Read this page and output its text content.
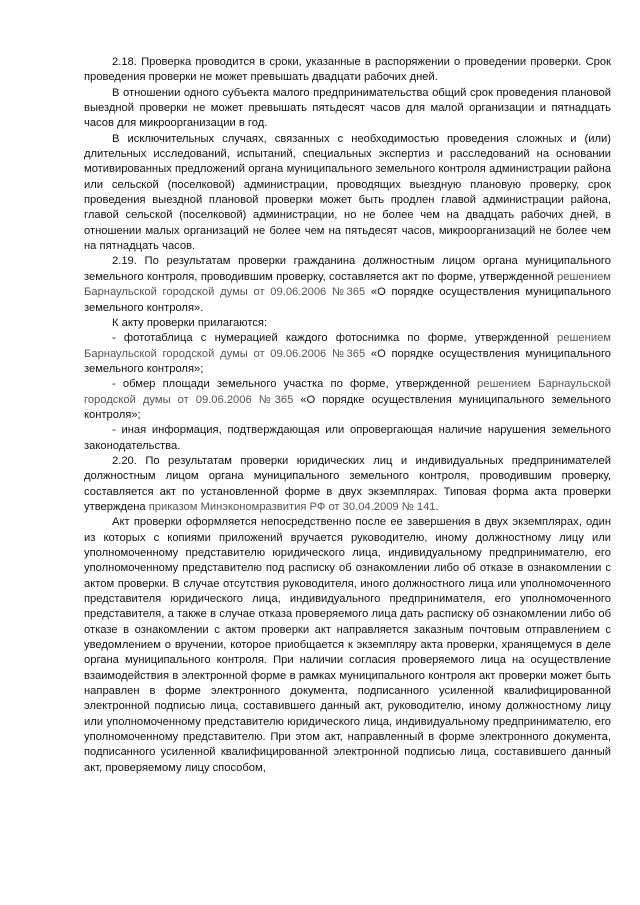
2.18. Проверка проводится в сроки, указанные в распоряжении о проведении проверки. Срок проведения проверки не может превышать двадцати рабочих дней.

В отношении одного субъекта малого предпринимательства общий срок проведения плановой выездной проверки не может превышать пятьдесят часов для малой организации и пятнадцать часов для микроорганизации в год.

В исключительных случаях, связанных с необходимостью проведения сложных и (или) длительных исследований, испытаний, специальных экспертиз и расследований на основании мотивированных предложений органа муниципального земельного контроля администрации района или сельской (поселковой) администрации, проводящих выездную плановую проверку, срок проведения выездной плановой проверки может быть продлен главой администрации района, главой сельской (поселковой) администрации, но не более чем на двадцать рабочих дней, в отношении малых организаций не более чем на пятьдесят часов, микроорганизаций не более чем на пятнадцать часов.

2.19. По результатам проверки гражданина должностным лицом органа муниципального земельного контроля, проводившим проверку, составляется акт по форме, утвержденной решением Барнаульской городской думы от 09.06.2006 №365 «О порядке осуществления муниципального земельного контроля».

К акту проверки прилагаются:

- фототаблица с нумерацией каждого фотоснимка по форме, утвержденной решением Барнаульской городской думы от 09.06.2006 №365 «О порядке осуществления муниципального земельного контроля»;

- обмер площади земельного участка по форме, утвержденной решением Барнаульской городской думы от 09.06.2006 №365 «О порядке осуществления муниципального земельного контроля»;

- иная информация, подтверждающая или опровергающая наличие нарушения земельного законодательства.

2.20. По результатам проверки юридических лиц и индивидуальных предпринимателей должностным лицом органа муниципального земельного контроля, проводившим проверку, составляется акт по установленной форме в двух экземплярах. Типовая форма акта проверки утверждена приказом Минэкономразвития РФ от 30.04.2009 № 141.

Акт проверки оформляется непосредственно после ее завершения в двух экземплярах, один из которых с копиями приложений вручается руководителю, иному должностному лицу или уполномоченному представителю юридического лица, индивидуальному предпринимателю, его уполномоченному представителю под расписку об ознакомлении либо об отказе в ознакомлении с актом проверки. В случае отсутствия руководителя, иного должностного лица или уполномоченного представителя юридического лица, индивидуального предпринимателя, его уполномоченного представителя, а также в случае отказа проверяемого лица дать расписку об ознакомлении либо об отказе в ознакомлении с актом проверки акт направляется заказным почтовым отправлением с уведомлением о вручении, которое приобщается к экземпляру акта проверки, хранящемуся в деле органа муниципального контроля. При наличии согласия проверяемого лица на осуществление взаимодействия в электронной форме в рамках муниципального контроля акт проверки может быть направлен в форме электронного документа, подписанного усиленной квалифицированной электронной подписью лица, составившего данный акт, руководителю, иному должностному лицу или уполномоченному представителю юридического лица, индивидуальному предпринимателю, его уполномоченному представителю. При этом акт, направленный в форме электронного документа, подписанного усиленной квалифицированной электронной подписью лица, составившего данный акт, проверяемому лицу способом,
